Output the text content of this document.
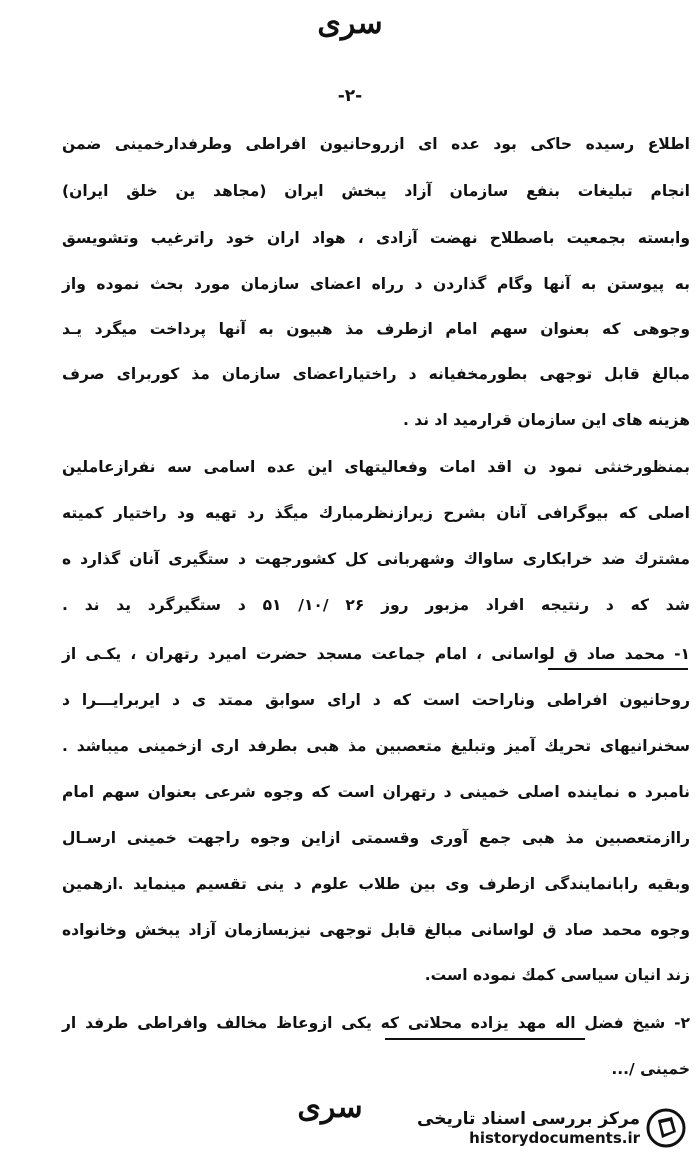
سری
-۲-
اطلاع رسیده حاکی بود عده ای ازروحانیون افراطی وطرفدارخمینی ضمن
انجام تبلیغات بنفع سازمان آزاد یبخش ایران (مجاهد ین خلق ایران)
وابسته بجمعیت باصطلاح نهضت آزادی ، هواد اران خود راترغیب وتشویسق
به پیوستن به آنها وگام گذاردن د رراه اعضای سازمان مورد بحث نموده واز
وجوهی که بعنوان سهم امام ازطرف مذ هبیون به آنها پرداخت میگرد یـد
مبالغ قابل توجهی بطورمخفیانه د راختیاراعضای سازمان مذ کوربرای صرف
هزینه های این سازمان قرارمید اد ند .
بمنظورخنثی نمود ن اقد امات وفعالیتهای این عده اسامی سه نفرازعاملین
اصلی که بیوگرافی آنان بشرح زیرازنظرمبارك میگذ رد تهیه ود راختیار کمیته
مشترك ضد خرابکاری ساواك وشهربانی کل کشورجهت د ستگیری آنان گذارد ه
شد که د رنتیجه افراد مزبور روز ۲۶ /۱۰/ ۵۱ د ستگیرگرد ید ند .
۱- محمد صاد ق لواسانی ، امام جماعت مسجد حضرت امیرد رتهران ، یکـی از
روحانیون افراطی وناراحت است که د ارای سوابق ممتد ی د ایربرایـــرا د
سخنرانیهای تحریك آمیز وتبلیغ متعصبین مذ هبی بطرفد اری ازخمینی میباشد .
نامبرد ه نماینده اصلی خمینی د رتهران است که وجوه شرعی بعنوان سهم امام
راازمتعصبین مذ هبی جمع آوری وقسمتی ازاین وجوه راجهت خمینی ارسـال
وبقیه رابانمایندگی ازطرف وی بین طلاب علوم د ینی تقسیم مینماید .ازهمین
وجوه محمد صاد ق لواسانی مبالغ قابل توجهی نیزبسازمان آزاد یبخش وخانواده
زند انیان سیاسی کمك نموده است.
۲- شیخ فضل اله مهد یزاده محلاتی که یکی ازوعاظ مخالف وافراطی طرفد ار
خمینی /...
سری	مرکز بررسی اسناد تاریخی
historydocuments.ir
